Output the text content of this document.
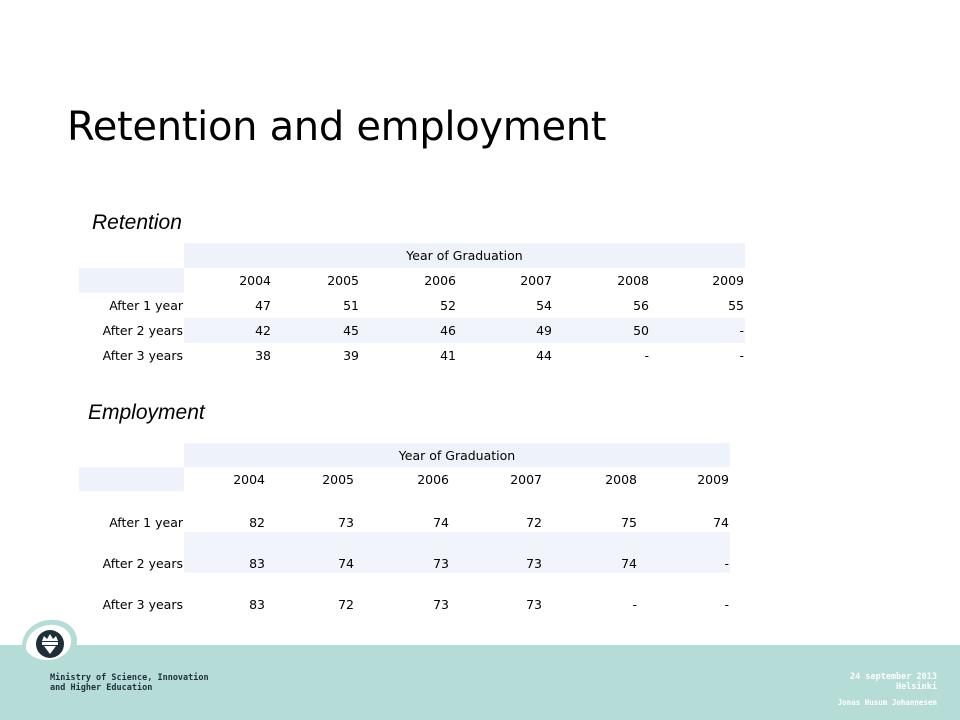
Retention and employment
Retention
	Year of Graduation					
	2004	2005	2006	2007	2008	2009
After 1 year	47	51	52	54	56	55
After 2 years	42	45	46	49	50	-
After 3 years	38	39	41	44	-	-
Employment
	Year of Graduation					
	2004	2005	2006	2007	2008	2009
After 1 year	82	73	74	72	75	74
After 2 years	83	74	73	73	74	-
After 3 years	83	72	73	73	-	-
Ministry of Science, Innovation
and Higher Education
24 september 2013
Helsinki
Jonas Husum Johannesen
